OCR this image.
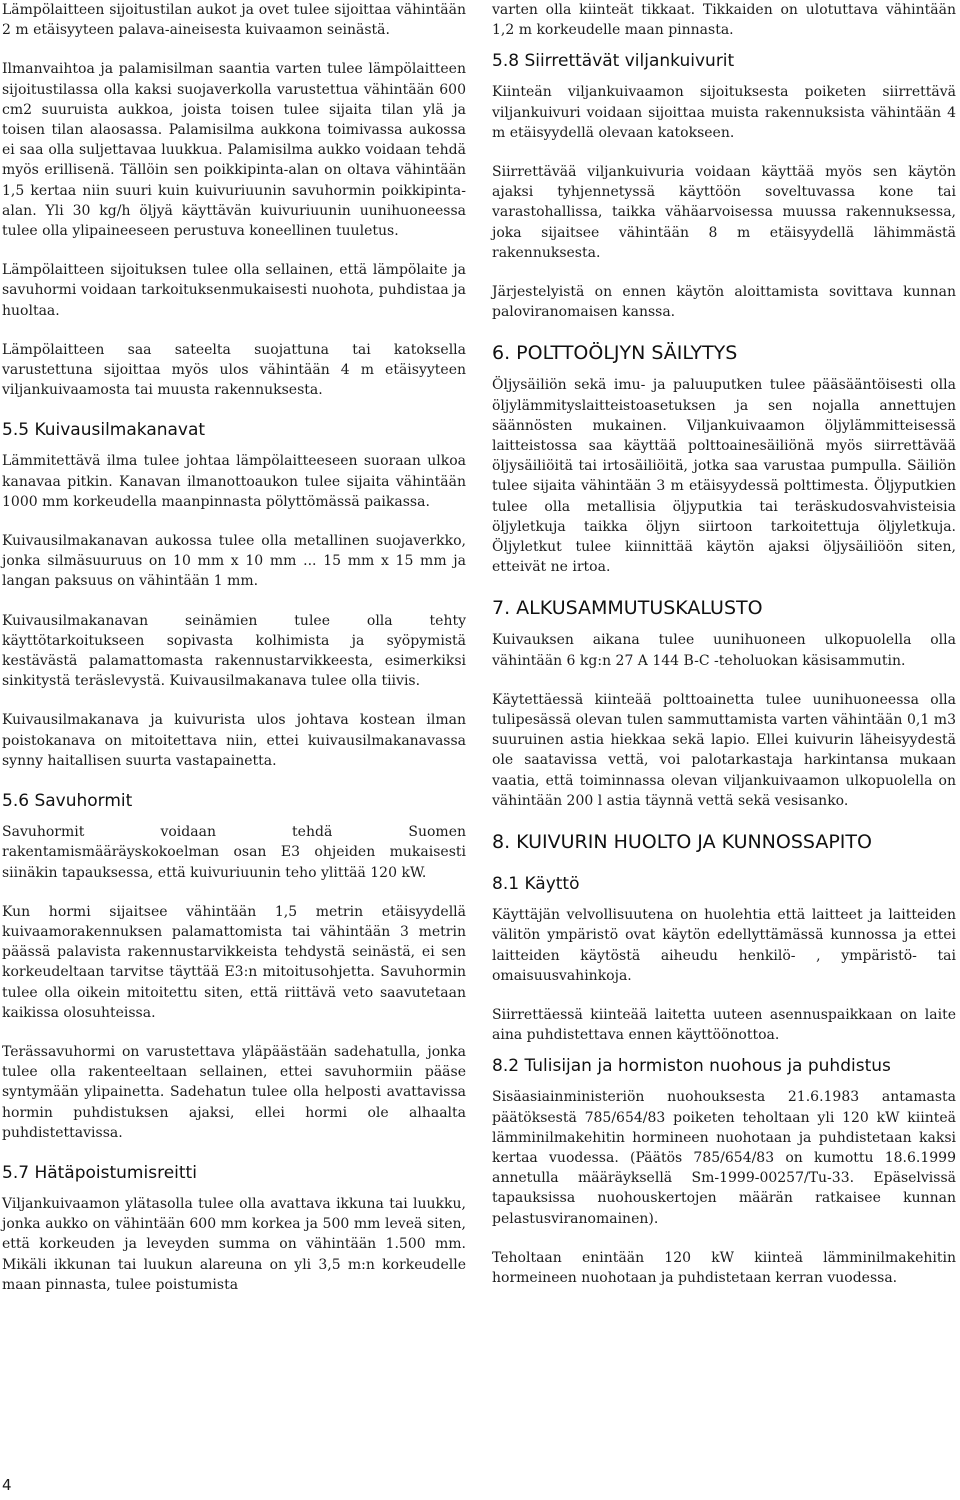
Lämpölaitteen sijoitustilan aukot ja ovet tulee sijoittaa vähintään 2 m etäisyyteen palava-aineisesta kuivaamon seinästä.

Ilmanvaihtoa ja palamisilman saantia varten tulee lämpölaitteen sijoitustilassa olla kaksi suojaverkolla varustettua vähintään 600 cm2 suuruista aukkoa, joista toisen tulee sijaita tilan ylä ja toisen tilan alaosassa. Palamisilma aukkona toimivassa aukossa ei saa olla suljettavaa luukkua. Palamisilma aukko voidaan tehdä myös erillisenä. Tällöin sen poikkipinta-alan on oltava vähintään 1,5 kertaa niin suuri kuin kuivuriuunin savuhormin poikkipinta-alan. Yli 30 kg/h öljyä käyttävän kuivuriuunin uunihuoneessa tulee olla ylipaineeseen perustuva koneellinen tuuletus.

Lämpölaitteen sijoituksen tulee olla sellainen, että lämpölaite ja savuhormi voidaan tarkoituksenmukaisesti nuohota, puhdistaa ja huoltaa.

Lämpölaitteen saa sateelta suojattuna tai katoksella varustettuna sijoittaa myös ulos vähintään 4 m etäisyyteen viljankuivaamosta tai muusta rakennuksesta.

5.5 Kuivausilmakanavat

Lämmitettävä ilma tulee johtaa lämpölaitteeseen suoraan ulkoa kanavaa pitkin. Kanavan ilmanottoaukon tulee sijaita vähintään 1000 mm korkeudella maanpinnasta pölyttömässä paikassa.

Kuivausilmakanavan aukossa tulee olla metallinen suojaverkko, jonka silmäsuuruus on 10 mm x 10 mm ... 15 mm x 15 mm ja langan paksuus on vähintään 1 mm.

Kuivausilmakanavan seinämien tulee olla tehty käyttötarkoitukseen sopivasta kolhimista ja syöpymistä kestävästä palamattomasta rakennustarvikkeesta, esimerkiksi sinkitystä teräslevystä. Kuivausilmakanava tulee olla tiivis.

Kuivausilmakanava ja kuivurista ulos johtava kostean ilman poistokanava on mitoitettava niin, ettei kuivausilmakanavassa synny haitallisen suurta vastapainetta.

5.6 Savuhormit

Savuhormit voidaan tehdä Suomen rakentamismääräyskokoelman osan E3 ohjeiden mukaisesti siinäkin tapauksessa, että kuivuriuunin teho ylittää 120 kW.

Kun hormi sijaitsee vähintään 1,5 metrin etäisyydellä kuivaamorakennuksen palamattomista tai vähintään 3 metrin päässä palavista rakennustarvikkeista tehdystä seinästä, ei sen korkeudeltaan tarvitse täyttää E3:n mitoitusohjetta. Savuhormin tulee olla oikein mitoitettu siten, että riittävä veto saavutetaan kaikissa olosuhteissa.

Terässavuhormi on varustettava yläpäästään sadehatulla, jonka tulee olla rakenteeltaan sellainen, ettei savuhormiin pääse syntymään ylipainetta. Sadehatun tulee olla helposti avattavissa hormin puhdistuksen ajaksi, ellei hormi ole alhaalta puhdistettavissa.

5.7 Hätäpoistumisreitti

Viljankuivaamon ylätasolla tulee olla avattava ikkuna tai luukku, jonka aukko on vähintään 600 mm korkea ja 500 mm leveä siten, että korkeuden ja leveyden summa on vähintään 1.500 mm. Mikäli ikkunan tai luukun alareuna on yli 3,5 m:n korkeudelle maan pinnasta, tulee poistumista

varten olla kiinteät tikkaat. Tikkaiden on ulotuttava vähintään 1,2 m korkeudelle maan pinnasta.

5.8 Siirrettävät viljankuivurit

Kiinteän viljankuivaamon sijoituksesta poiketen siirrettävä viljankuivuri voidaan sijoittaa muista rakennuksista vähintään 4 m etäisyydellä olevaan katokseen.

Siirrettävää viljankuivuria voidaan käyttää myös sen käytön ajaksi tyhjennetyssä käyttöön soveltuvassa kone tai varastohallissa, taikka vähäarvoisessa muussa rakennuksessa, joka sijaitsee vähintään 8 m etäisyydellä lähimmästä rakennuksesta.

Järjestelyistä on ennen käytön aloittamista sovittava kunnan paloviranomaisen kanssa.

6. POLTTOÖLJYN SÄILYTYS

Öljysäiliön sekä imu- ja paluuputken tulee pääsääntöisesti olla öljylämmityslaitteistoasetuksen ja sen nojalla annettujen säännösten mukainen. Viljankuivaamon öljylämmitteisessä laitteistossa saa käyttää polttoainesäiliönä myös siirrettävää öljysäiliöitä tai irtosäiliöitä, jotka saa varustaa pumpulla. Säiliön tulee sijaita vähintään 3 m etäisyydessä polttimesta. Öljyputkien tulee olla metallisia öljyputkia tai teräskudosvahvisteisia öljyletkuja taikka öljyn siirtoon tarkoitettuja öljyletkuja. Öljyletkut tulee kiinnittää käytön ajaksi öljysäiliöön siten, etteivät ne irtoa.

7. ALKUSAMMUTUSKALUSTO

Kuivauksen aikana tulee uunihuoneen ulkopuolella olla vähintään 6 kg:n 27 A 144 B-C -teholuokan käsisammutin.

Käytettäessä kiinteää polttoainetta tulee uunihuoneessa olla tulipesässä olevan tulen sammuttamista varten vähintään 0,1 m3 suuruinen astia hiekkaa sekä lapio. Ellei kuivurin läheisyydestä ole saatavissa vettä, voi palotarkastaja harkintansa mukaan vaatia, että toiminnassa olevan viljankuivaamon ulkopuolella on vähintään 200 l astia täynnä vettä sekä vesisanko.

8. KUIVURIN HUOLTO JA KUNNOSSAPITO
8.1 Käyttö

Käyttäjän velvollisuutena on huolehtia että laitteet ja laitteiden välitön ympäristö ovat käytön edellyttämässä kunnossa ja ettei laitteiden käytöstä aiheudu henkilö- , ympäristö- tai omaisuusvahinkoja.

Siirrettäessä kiinteää laitetta uuteen asennuspaikkaan on laite aina puhdistettava ennen käyttöönottoa.

8.2 Tulisijan ja hormiston nuohous ja puhdistus

Sisäasiainministeriön nuohouksesta 21.6.1983 antamasta päätöksestä 785/654/83 poiketen teholtaan yli 120 kW kiinteä lämminilmakehitin hormineen nuohotaan ja puhdistetaan kaksi kertaa vuodessa. (Päätös 785/654/83 on kumottu 18.6.1999 annetulla määräyksellä Sm-1999-00257/Tu-33. Epäselvissä tapauksissa nuohouskertojen määrän ratkaisee kunnan pelastusviranomainen).

Teholtaan enintään 120 kW kiinteä lämminilmakehitin hormeineen nuohotaan ja puhdistetaan kerran vuodessa.

4
